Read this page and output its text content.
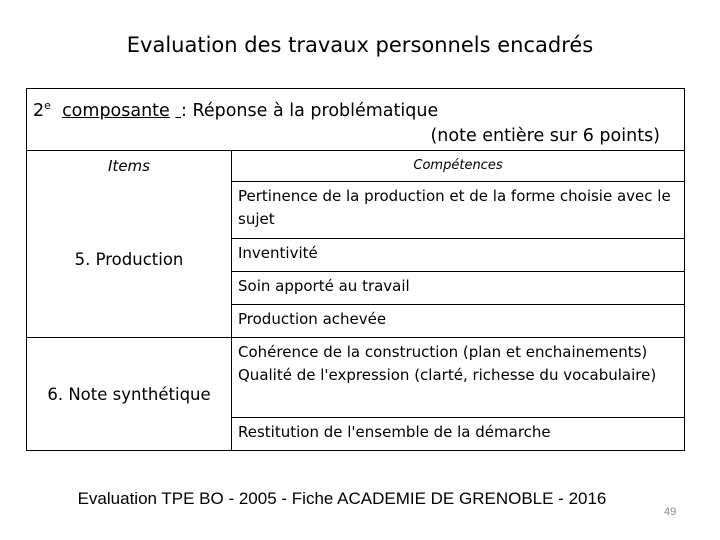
Evaluation des travaux personnels encadrés
2e composante : Réponse à la problématique
(note entière sur 6 points)	

Items	Compétences
5. Production	Pertinence de la production et de la forme choisie avec le sujet
	Inventivité
	Soin apporté au travail
	Production achevée
6. Note synthétique	Cohérence de la construction (plan et enchainements) Qualité de l'expression (clarté, richesse du vocabulaire)
	Restitution de l'ensemble de la démarche
Evaluation TPE BO - 2005 - Fiche ACADEMIE DE GRENOBLE - 2016
49
